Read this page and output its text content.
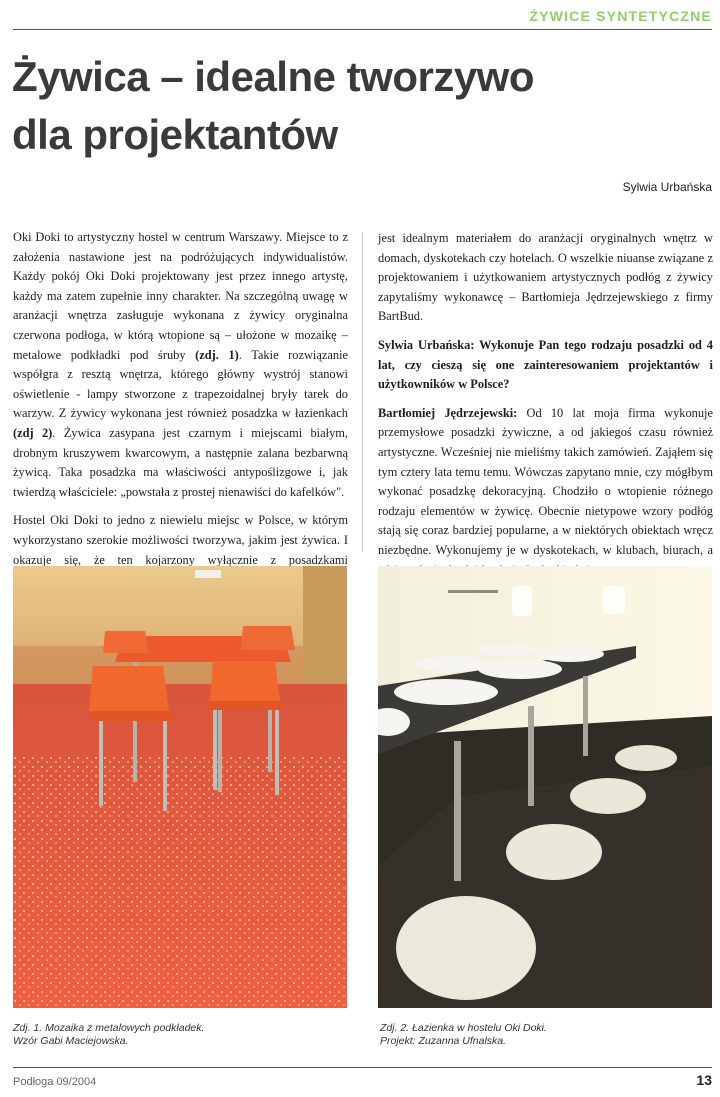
ŻYWICE SYNTETYCZNE
Żywica – idealne tworzywo
dla projektantów
Sylwia Urbańska

Oki Doki to artystyczny hostel w centrum Warszawy. Miejsce to z założenia nastawione jest na podróżujących indywidualistów. Każdy pokój Oki Doki projektowany jest przez innego artystę, każdy ma zatem zupełnie inny charakter. Na szczególną uwagę w aranżacji wnętrza zasługuje wykonana z żywicy oryginalna czerwona podłoga, w którą wtopione są – ułożone w mozaikę – metalowe podkładki pod śruby (zdj. 1). Takie rozwiązanie współgra z resztą wnętrza, którego główny wystrój stanowi oświetlenie - lampy stworzone z trapezoidalnej bryły tarek do warzyw. Z żywicy wykonana jest również posadzka w łazienkach (zdj 2). Żywica zasypana jest czarnym i miejscami białym, drobnym kruszywem kwarcowym, a następnie zalana bezbarwną żywicą. Taka posadzka ma właściwości antypoślizgowe i, jak twierdzą właściciele: „powstała z prostej nienawiści do kafelków".

Hostel Oki Doki to jedno z niewielu miejsc w Polsce, w którym wykorzystano szerokie możliwości tworzywa, jakim jest żywica. I okazuje się, że ten kojarzony wyłącznie z posadzkami

jest idealnym materiałem do aranżacji oryginalnych wnętrz w domach, dyskotekach czy hotelach. O wszelkie niuanse związane z projektowaniem i użytkowaniem artystycznych podłóg z żywicy zapytaliśmy wykonawcę – Bartłomieja Jędrzejewskiego z firmy BartBud.

Sylwia Urbańska: Wykonuje Pan tego rodzaju posadzki od 4 lat, czy cieszą się one zainteresowaniem projektantów i użytkowników w Polsce?

Bartłomiej Jędrzejewski: Od 10 lat moja firma wykonuje przemysłowe posadzki żywiczne, a od jakiegoś czasu również artystyczne. Wcześniej nie mieliśmy takich zamówień. Zająłem się tym cztery lata temu temu. Wówczas zapytano mnie, czy mógłbym wykonać posadzkę dekoracyjną. Chodziło o wtopienie różnego rodzaju elementów w żywicę. Obecnie nietypowe wzory podłóg stają się coraz bardziej popularne, a w niektórych obiektach wręcz niezbędne. Wykonujemy je w dyskotekach, w klubach, biurach, a

Zdj. 1. Mozaika z metalowych podkładek.
Wzór Gabi Maciejowska.
Zdj. 2. Łazienka w hostelu Oki Doki.
Projekt: Zuzanna Ufnalska.
Podłoga 09/2004	13
